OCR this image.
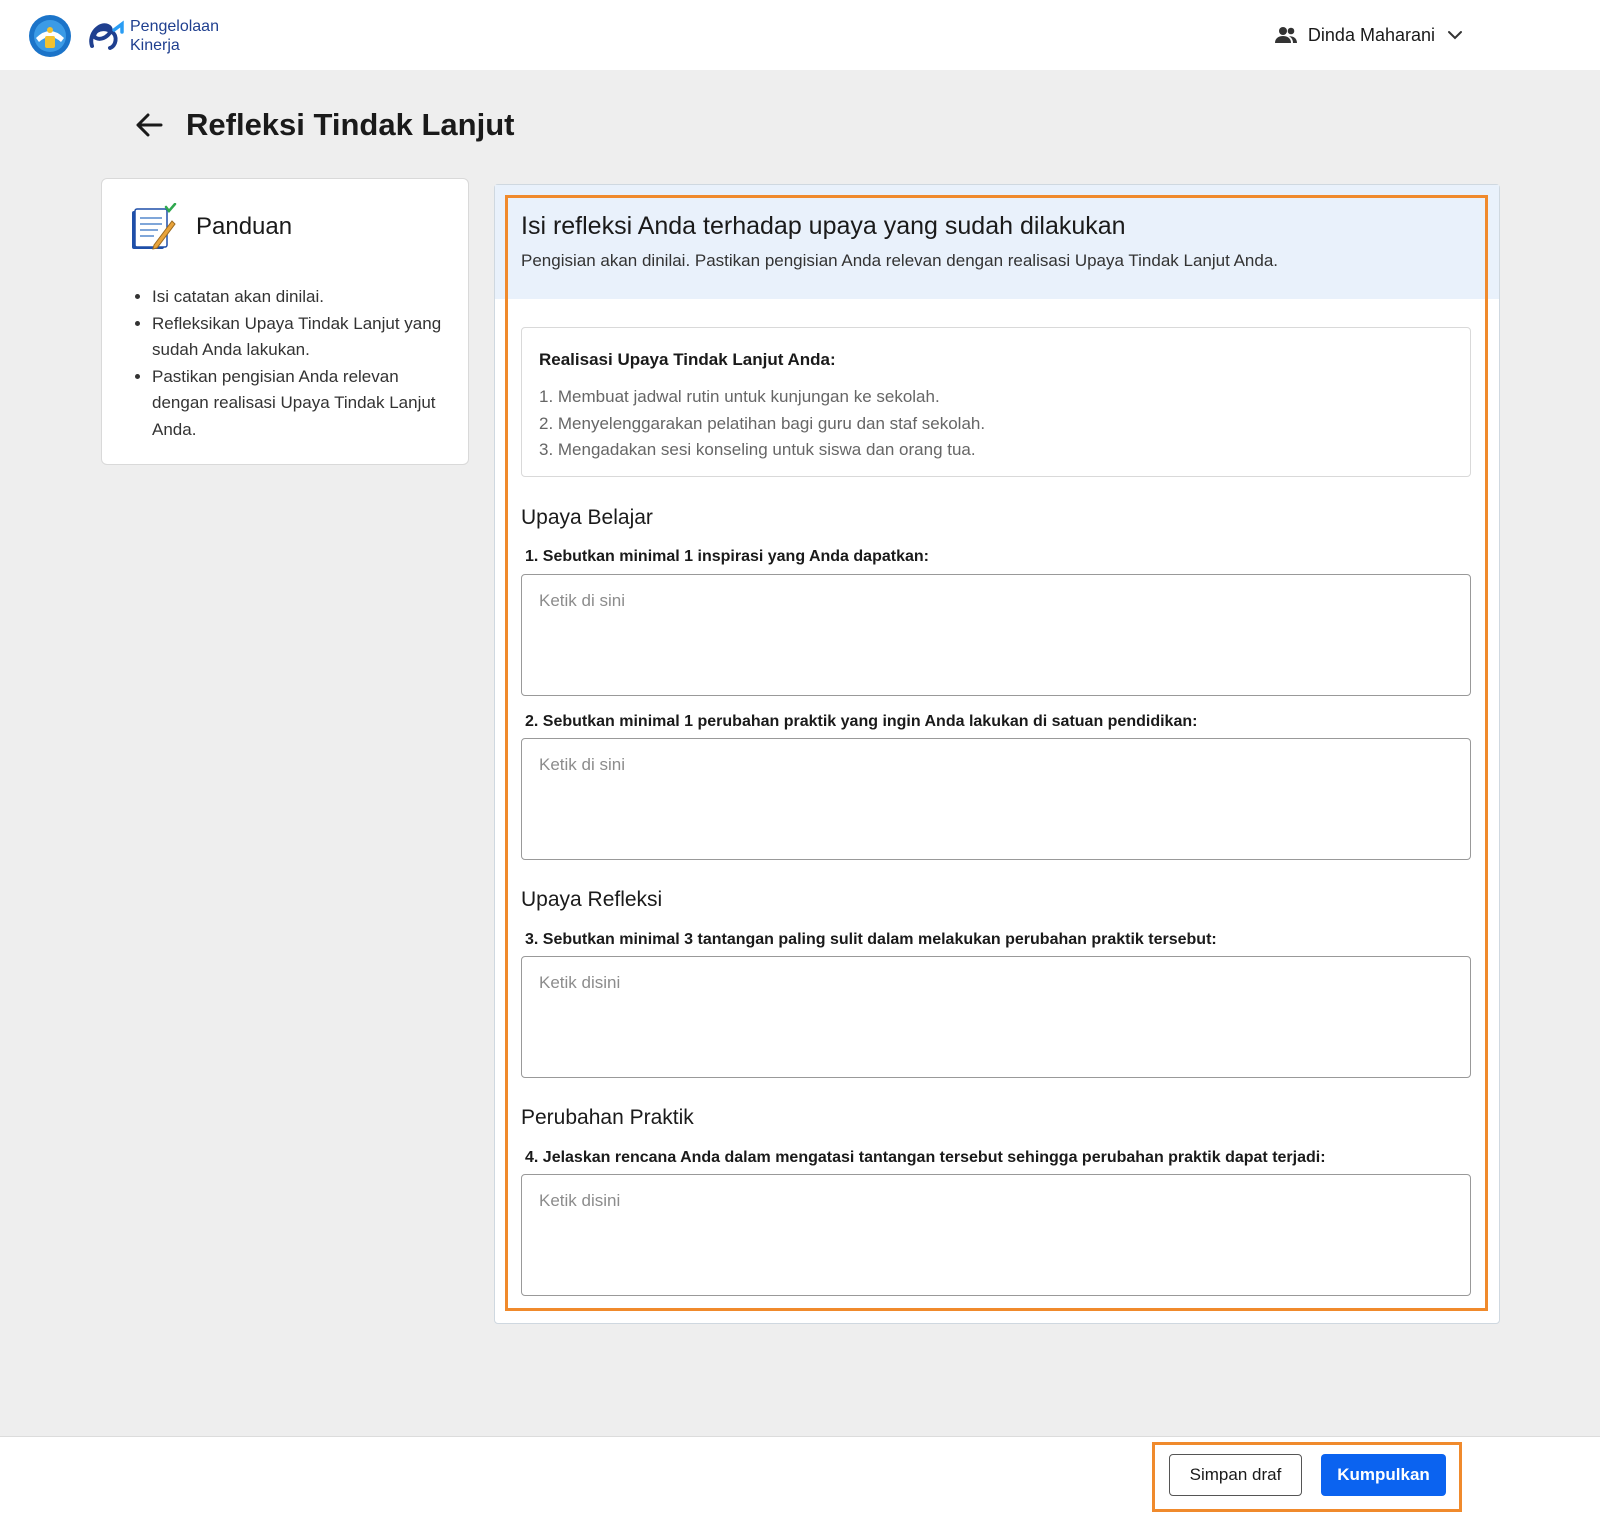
Pengelolaan
Kinerja
Dinda Maharani
Refleksi Tindak Lanjut
Panduan
• Isi catatan akan dinilai.
• Refleksikan Upaya Tindak Lanjut yang sudah Anda lakukan.
• Pastikan pengisian Anda relevan dengan realisasi Upaya Tindak Lanjut Anda.
Isi refleksi Anda terhadap upaya yang sudah dilakukan
Pengisian akan dinilai. Pastikan pengisian Anda relevan dengan realisasi Upaya Tindak Lanjut Anda.
Realisasi Upaya Tindak Lanjut Anda:
1. Membuat jadwal rutin untuk kunjungan ke sekolah.
2. Menyelenggarakan pelatihan bagi guru dan staf sekolah.
3. Mengadakan sesi konseling untuk siswa dan orang tua.
Upaya Belajar
1. Sebutkan minimal 1 inspirasi yang Anda dapatkan:
Ketik di sini
2. Sebutkan minimal 1 perubahan praktik yang ingin Anda lakukan di satuan pendidikan:
Ketik di sini
Upaya Refleksi
3. Sebutkan minimal 3 tantangan paling sulit dalam melakukan perubahan praktik tersebut:
Ketik disini
Perubahan Praktik
4. Jelaskan rencana Anda dalam mengatasi tantangan tersebut sehingga perubahan praktik dapat terjadi:
Ketik disini
Simpan draf	Kumpulkan
